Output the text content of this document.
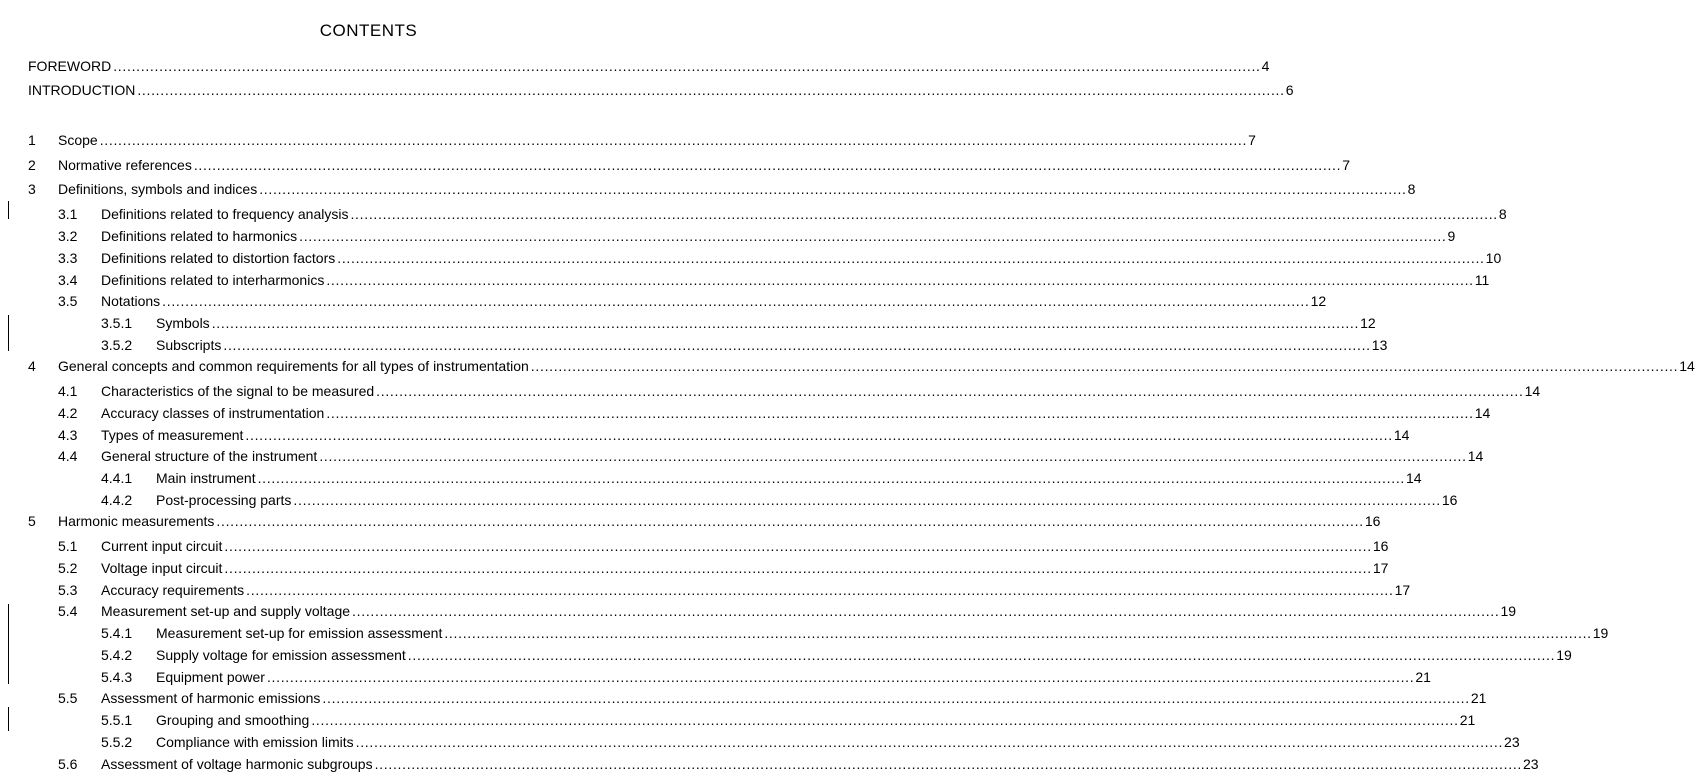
CONTENTS
FOREWORD .......................................................................................................................................................................................................................................................... 4
INTRODUCTION .......................................................................................................................................................................................................................................................... 6
1 Scope .......................................................................................................................................................................................................................................................... 7
2 Normative references .......................................................................................................................................................................................................................................................... 7
3 Definitions, symbols and indices .......................................................................................................................................................................................................................................................... 8
3.1 Definitions related to frequency analysis .......................................................................................................................................................................................................................................................... 8
3.2 Definitions related to harmonics .......................................................................................................................................................................................................................................................... 9
3.3 Definitions related to distortion factors .......................................................................................................................................................................................................................................................... 10
3.4 Definitions related to interharmonics .......................................................................................................................................................................................................................................................... 11
3.5 Notations .......................................................................................................................................................................................................................................................... 12
3.5.1 Symbols .......................................................................................................................................................................................................................................................... 12
3.5.2 Subscripts .......................................................................................................................................................................................................................................................... 13
4 General concepts and common requirements for all types of instrumentation .......................................................................................................................................................................................................................................................... 14
4.1 Characteristics of the signal to be measured .......................................................................................................................................................................................................................................................... 14
4.2 Accuracy classes of instrumentation .......................................................................................................................................................................................................................................................... 14
4.3 Types of measurement .......................................................................................................................................................................................................................................................... 14
4.4 General structure of the instrument .......................................................................................................................................................................................................................................................... 14
4.4.1 Main instrument .......................................................................................................................................................................................................................................................... 14
4.4.2 Post-processing parts .......................................................................................................................................................................................................................................................... 16
5 Harmonic measurements .......................................................................................................................................................................................................................................................... 16
5.1 Current input circuit .......................................................................................................................................................................................................................................................... 16
5.2 Voltage input circuit .......................................................................................................................................................................................................................................................... 17
5.3 Accuracy requirements .......................................................................................................................................................................................................................................................... 17
5.4 Measurement set-up and supply voltage .......................................................................................................................................................................................................................................................... 19
5.4.1 Measurement set-up for emission assessment .......................................................................................................................................................................................................................................................... 19
5.4.2 Supply voltage for emission assessment .......................................................................................................................................................................................................................................................... 19
5.4.3 Equipment power .......................................................................................................................................................................................................................................................... 21
5.5 Assessment of harmonic emissions .......................................................................................................................................................................................................................................................... 21
5.5.1 Grouping and smoothing .......................................................................................................................................................................................................................................................... 21
5.5.2 Compliance with emission limits .......................................................................................................................................................................................................................................................... 23
5.6 Assessment of voltage harmonic subgroups .......................................................................................................................................................................................................................................................... 23
